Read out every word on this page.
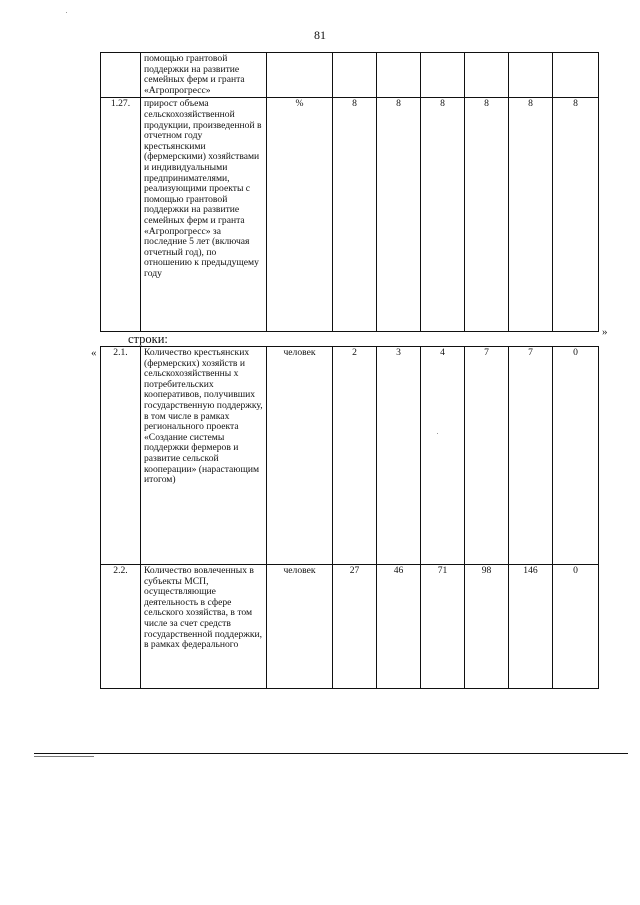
81

	помощью грантовой поддержки на развитие семейных ферм и гранта «Агропрогресс»							

1.27.	прирост объема сельскохозяйственной продукции, произведенной в отчетном году крестьянскими (фермерскими) хозяйствами и индивидуальными предпринимателями, реализующими проекты с помощью грантовой поддержки на развитие семейных ферм и гранта «Агропрогресс» за последние 5 лет (включая отчетный год), по отношению к предыдущему году	%	8	8	8	8	8	8
»
строки:
« 2.1.	Количество крестьянских (фермерских) хозяйств и сельскохозяйственны х потребительских кооперативов, получивших государственную поддержку, в том числе в рамках регионального проекта «Создание системы поддержки фермеров и развитие сельской кооперации» (нарастающим итогом)	человек	2	3	4	7	7	0
2.2.	Количество вовлеченных в субъекты МСП, осуществляющие деятельность в сфере сельского хозяйства, в том числе за счет средств государственной поддержки, в рамках федерального	человек	27	46	71	98	146	0
